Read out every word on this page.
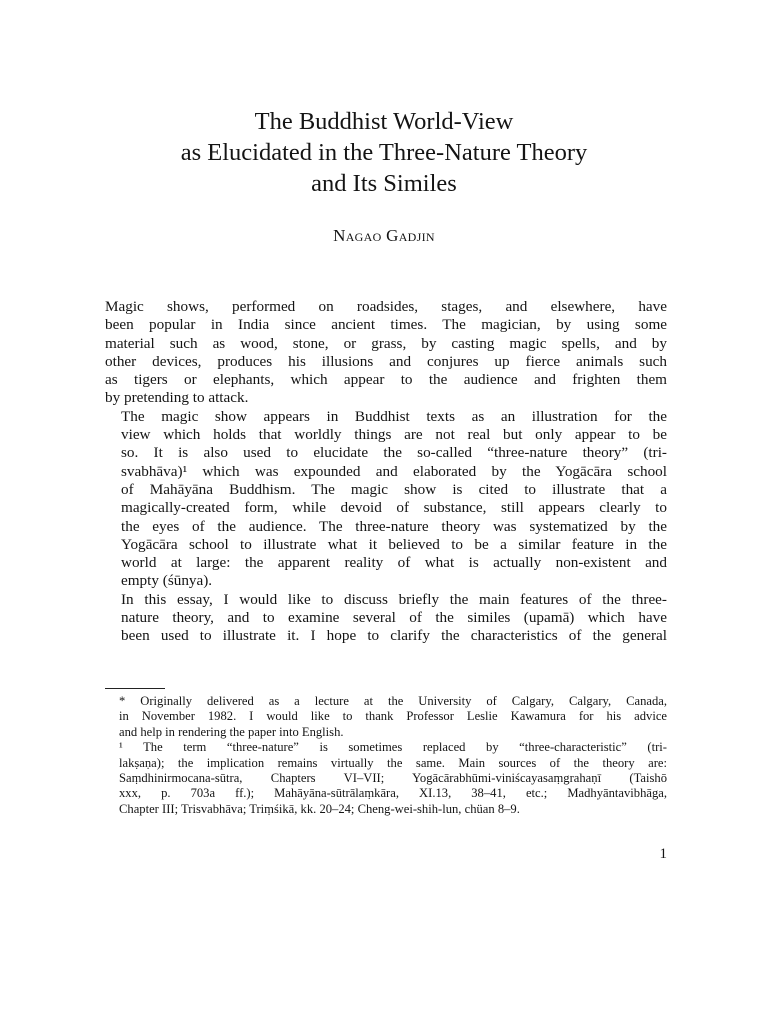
The Buddhist World-View
as Elucidated in the Three-Nature Theory
and Its Similes
Nagao Gadjin

Magic shows, performed on roadsides, stages, and elsewhere, have
been popular in India since ancient times. The magician, by using some
material such as wood, stone, or grass, by casting magic spells, and by
other devices, produces his illusions and conjures up fierce animals such
as tigers or elephants, which appear to the audience and frighten them
by pretending to attack.

The magic show appears in Buddhist texts as an illustration for the
view which holds that worldly things are not real but only appear to be
so. It is also used to elucidate the so-called “three-nature theory” (tri-
svabhāva)¹ which was expounded and elaborated by the Yogācāra school
of Mahāyāna Buddhism. The magic show is cited to illustrate that a
magically-created form, while devoid of substance, still appears clearly to
the eyes of the audience. The three-nature theory was systematized by the
Yogācāra school to illustrate what it believed to be a similar feature in the
world at large: the apparent reality of what is actually non-existent and
empty (śūnya).

In this essay, I would like to discuss briefly the main features of the three-
nature theory, and to examine several of the similes (upamā) which have
been used to illustrate it. I hope to clarify the characteristics of the general

* Originally delivered as a lecture at the University of Calgary, Calgary, Canada,
in November 1982. I would like to thank Professor Leslie Kawamura for his advice
and help in rendering the paper into English.

¹ The term “three-nature” is sometimes replaced by “three-characteristic” (tri-
lakṣaṇa); the implication remains virtually the same. Main sources of the theory are:
Saṃdhinirmocana-sūtra, Chapters VI–VII; Yogācārabhūmi-viniścayasaṃgrahaṇī (Taishō
xxx, p. 703a ff.); Mahāyāna-sūtrālaṃkāra, XI.13, 38–41, etc.; Madhyāntavibhāga,
Chapter III; Trisvabhāva; Triṃśikā, kk. 20–24; Cheng-wei-shih-lun, chüan 8–9.

1
